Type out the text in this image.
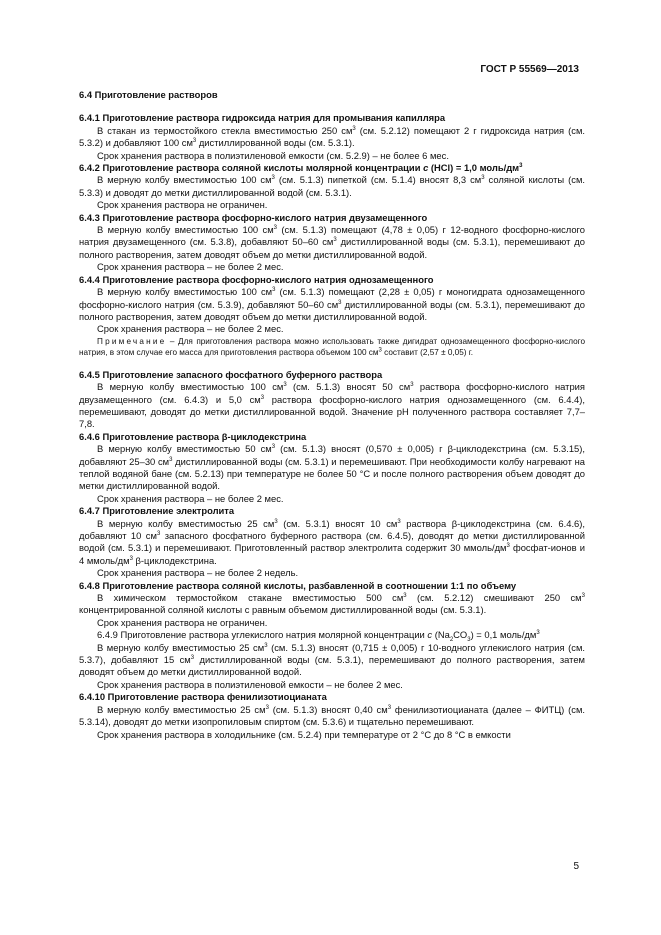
ГОСТ Р 55569—2013

6.4 Приготовление растворов

6.4.1 Приготовление раствора гидроксида натрия для промывания капилляра

В стакан из термостойкого стекла вместимостью 250 $см^3$ (см. 5.2.12) помещают 2 г гидроксида натрия (см. 5.3.2) и добавляют 100 $см^3$ дистиллированной воды (см. 5.3.1).

Срок хранения раствора в полиэтиленовой емкости (см. 5.2.9) – не более 6 мес.

6.4.2 Приготовление раствора соляной кислоты молярной концентрации с (HCl) = 1,0 моль/$дм^3$

В мерную колбу вместимостью 100 $см^3$ (см. 5.1.3) пипеткой (см. 5.1.4) вносят 8,3 $см^3$ соляной кислоты (см. 5.3.3) и доводят до метки дистиллированной водой (см. 5.3.1).

Срок хранения раствора не ограничен.

6.4.3 Приготовление раствора фосфорно-кислого натрия двузамещенного

В мерную колбу вместимостью 100 $см^3$ (см. 5.1.3) помещают (4,78 ± 0,05) г 12-водного фосфорно-кислого натрия двузамещенного (см. 5.3.8), добавляют 50–60 $см^3$ дистиллированной воды (см. 5.3.1), перемешивают до полного растворения, затем доводят объем до метки дистиллированной водой.

Срок хранения раствора – не более 2 мес.

6.4.4 Приготовление раствора фосфорно-кислого натрия однозамещенного

В мерную колбу вместимостью 100 $см^3$ (см. 5.1.3) помещают (2,28 ± 0,05) г моногидрата однозамещенного фосфорно-кислого натрия (см. 5.3.9), добавляют 50–60 $см^3$ дистиллированной воды (см. 5.3.1), перемешивают до полного растворения, затем доводят объем до метки дистиллированной водой.

Срок хранения раствора – не более 2 мес.

Примечание – Для приготовления раствора можно использовать также дигидрат однозамещенного фосфорно-кислого натрия, в этом случае его масса для приготовления раствора объемом 100 $см^3$ составит (2,57 ± 0,05) г.

6.4.5 Приготовление запасного фосфатного буферного раствора

В мерную колбу вместимостью 100 $см^3$ (см. 5.1.3) вносят 50 $см^3$ раствора фосфорно-кислого натрия двузамещенного (см. 6.4.3) и 5,0 $см^3$ раствора фосфорно-кислого натрия однозамещенного (см. 6.4.4), перемешивают, доводят до метки дистиллированной водой. Значение pH полученного раствора составляет 7,7–7,8.

6.4.6 Приготовление раствора β-циклодекстрина

В мерную колбу вместимостью 50 $см^3$ (см. 5.1.3) вносят (0,570 ± 0,005) г β-циклодекстрина (см. 5.3.15), добавляют 25–30 $см^3$ дистиллированной воды (см. 5.3.1) и перемешивают. При необходимости колбу нагревают на теплой водяной бане (см. 5.2.13) при температуре не более 50 °С и после полного растворения объем доводят до метки дистиллированной водой.

Срок хранения раствора – не более 2 мес.

6.4.7 Приготовление электролита

В мерную колбу вместимостью 25 $см^3$ (см. 5.3.1) вносят 10 $см^3$ раствора β-циклодекстрина (см. 6.4.6), добавляют 10 $см^3$ запасного фосфатного буферного раствора (см. 6.4.5), доводят до метки дистиллированной водой (см. 5.3.1) и перемешивают. Приготовленный раствор электролита содержит 30 ммоль/$дм^3$ фосфат-ионов и 4 ммоль/$дм^3$ β-циклодекстрина.

Срок хранения раствора – не более 2 недель.

6.4.8 Приготовление раствора соляной кислоты, разбавленной в соотношении 1:1 по объему

В химическом термостойком стакане вместимостью 500 $см^3$ (см. 5.2.12) смешивают 250 $см^3$ концентрированной соляной кислоты с равным объемом дистиллированной воды (см. 5.3.1).

Срок хранения раствора не ограничен.

6.4.9 Приготовление раствора углекислого натрия молярной концентрации c $(Na_2CO_3) = 0,1$ моль/$дм^3$

В мерную колбу вместимостью 25 $см^3$ (см. 5.1.3) вносят (0,715 ± 0,005) г 10-водного углекислого натрия (см. 5.3.7), добавляют 15 $см^3$ дистиллированной воды (см. 5.3.1), перемешивают до полного растворения, затем доводят объем до метки дистиллированной водой.

Срок хранения раствора в полиэтиленовой емкости – не более 2 мес.

6.4.10 Приготовление раствора фенилизотиоцианата

В мерную колбу вместимостью 25 $см^3$ (см. 5.1.3) вносят 0,40 $см^3$ фенилизотиоцианата (далее – ФИТЦ) (см. 5.3.14), доводят до метки изопропиловым спиртом (см. 5.3.6) и тщательно перемешивают.

Срок хранения раствора в холодильнике (см. 5.2.4) при температуре от 2 °С до 8 °С в емкости

5
